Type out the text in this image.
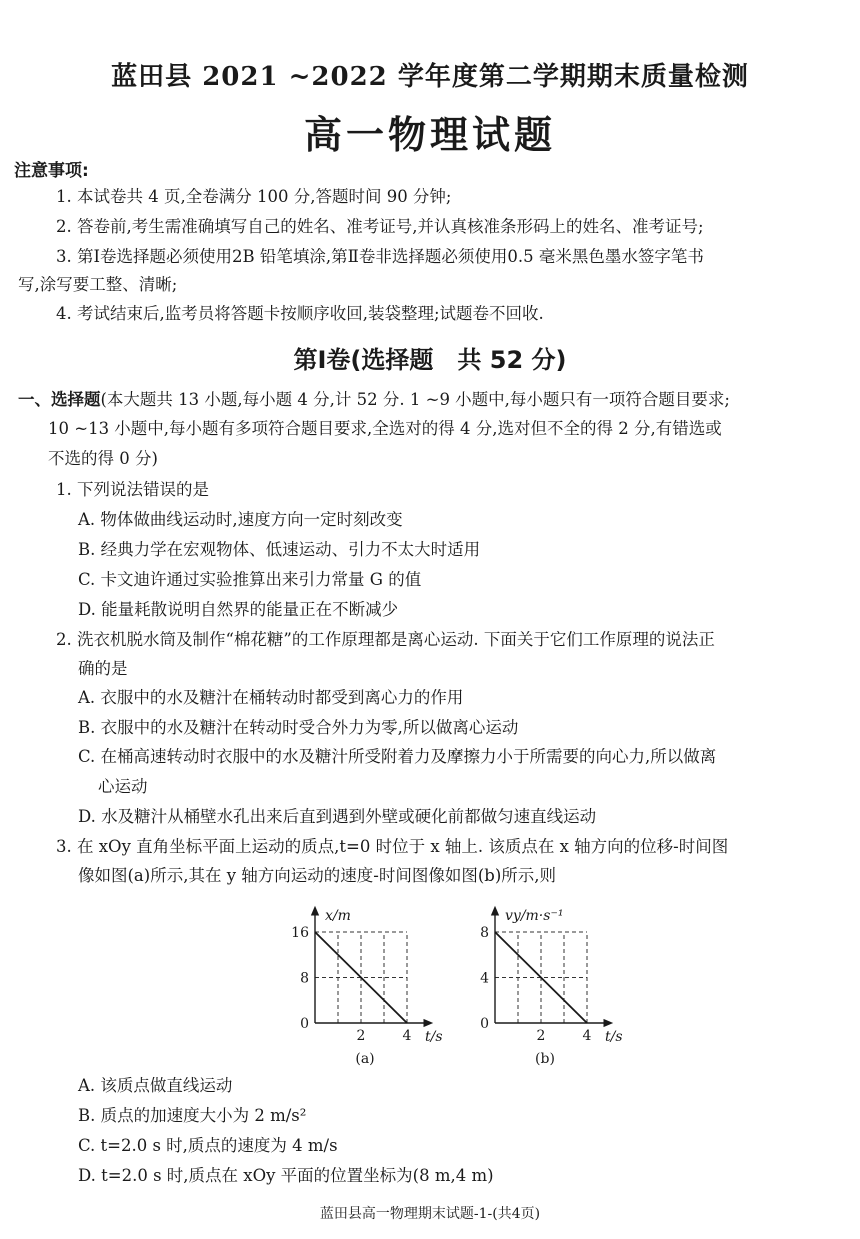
蓝田县 2021 ~2022 学年度第二学期期末质量检测
高一物理试题
注意事项:
1. 本试卷共 4 页,全卷满分 100 分,答题时间 90 分钟;
2. 答卷前,考生需准确填写自己的姓名、准考证号,并认真核准条形码上的姓名、准考证号;
3. 第Ⅰ卷选择题必须使用2B 铅笔填涂,第Ⅱ卷非选择题必须使用0.5 毫米黑色墨水签字笔书
写,涂写要工整、清晰;
4. 考试结束后,监考员将答题卡按顺序收回,装袋整理;试题卷不回收.
第Ⅰ卷(选择题　共 52 分)
一、选择题(本大题共 13 小题,每小题 4 分,计 52 分. 1 ~9 小题中,每小题只有一项符合题目要求;
10 ~13 小题中,每小题有多项符合题目要求,全选对的得 4 分,选对但不全的得 2 分,有错选或
不选的得 0 分)
1. 下列说法错误的是
A. 物体做曲线运动时,速度方向一定时刻改变
B. 经典力学在宏观物体、低速运动、引力不太大时适用
C. 卡文迪许通过实验推算出来引力常量 G 的值
D. 能量耗散说明自然界的能量正在不断减少
2. 洗衣机脱水筒及制作“棉花糖”的工作原理都是离心运动. 下面关于它们工作原理的说法正
确的是
A. 衣服中的水及糖汁在桶转动时都受到离心力的作用
B. 衣服中的水及糖汁在转动时受合外力为零,所以做离心运动
C. 在桶高速转动时衣服中的水及糖汁所受附着力及摩擦力小于所需要的向心力,所以做离
心运动
D. 水及糖汁从桶壁水孔出来后直到遇到外壁或硬化前都做匀速直线运动
3. 在 xOy 直角坐标平面上运动的质点,t=0 时位于 x 轴上. 该质点在 x 轴方向的位移-时间图
像如图(a)所示,其在 y 轴方向运动的速度-时间图像如图(b)所示,则
0
8
16
2	4
x/m
t/s
(a)
0
4
8
2	4
vy/m·s⁻¹
t/s
(b)
A. 该质点做直线运动
B. 质点的加速度大小为 2 m/s²
C. t=2.0 s 时,质点的速度为 4 m/s
D. t=2.0 s 时,质点在 xOy 平面的位置坐标为(8 m,4 m)
蓝田县高一物理期末试题-1-(共4页)
